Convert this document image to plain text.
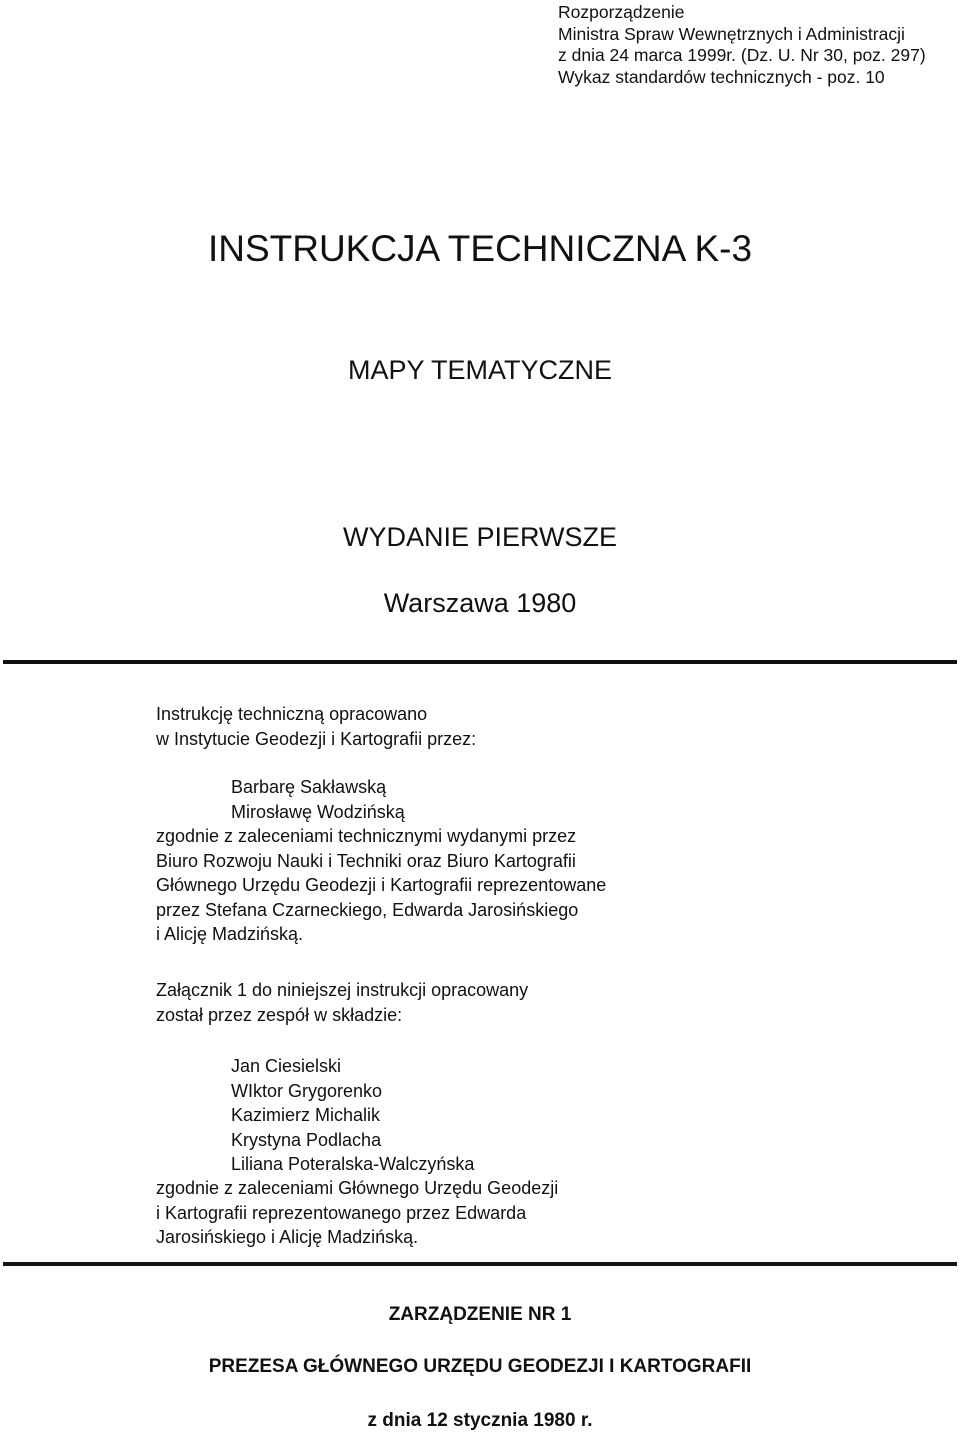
Rozporządzenie
Ministra Spraw Wewnętrznych i Administracji
z dnia 24 marca 1999r. (Dz. U. Nr 30, poz. 297)
Wykaz standardów technicznych - poz. 10
INSTRUKCJA TECHNICZNA K-3
MAPY TEMATYCZNE
WYDANIE PIERWSZE
Warszawa 1980
Instrukcję techniczną opracowano
w Instytucie Geodezji i Kartografii przez:
Barbarę Sakławską
Mirosławę Wodzińską
zgodnie z zaleceniami technicznymi wydanymi przez
Biuro Rozwoju Nauki i Techniki oraz Biuro Kartografii
Głównego Urzędu Geodezji i Kartografii reprezentowane
przez Stefana Czarneckiego, Edwarda Jarosińskiego
i Alicję Madzińską.
Załącznik 1 do niniejszej instrukcji opracowany
został przez zespół w składzie:
Jan Ciesielski
WIktor Grygorenko
Kazimierz Michalik
Krystyna Podlacha
Liliana Poteralska-Walczyńska
zgodnie z zaleceniami Głównego Urzędu Geodezji
i Kartografii reprezentowanego przez Edwarda
Jarosińskiego i Alicję Madzińską.
ZARZĄDZENIE NR 1
PREZESA GŁÓWNEGO URZĘDU GEODEZJI I KARTOGRAFII
z dnia 12 stycznia 1980 r.
